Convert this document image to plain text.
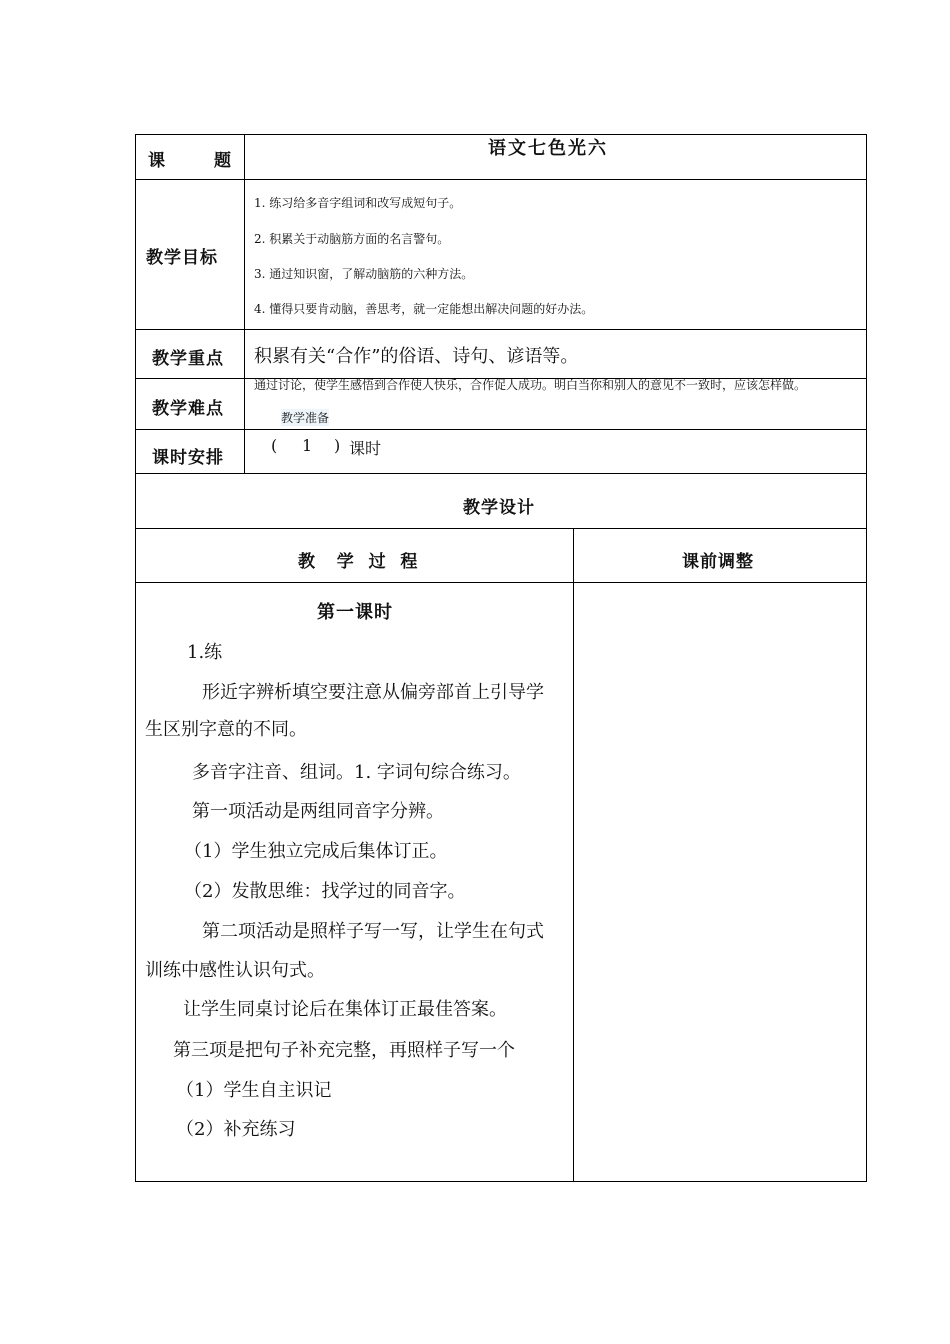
课	题
语文七色光六
教学目标
1. 练习给多音字组词和改写成短句子。
2. 积累关于动脑筋方面的名言警句。
3. 通过知识窗，了解动脑筋的六种方法。
4. 懂得只要肯动脑，善思考，就一定能想出解决问题的好办法。
教学重点 积累有关“合作”的俗语、诗句、谚语等。
教学难点
通过讨论，使学生感悟到合作使人快乐，合作促人成功。明白当你和别人的意见不一致时，应该怎样做。
教学准备
课时安排
( 1 ) 课时
教学设计
教   学  过  程	课前调整
第一课时
1.练
形近字辨析填空要注意从偏旁部首上引导学
生区别字意的不同。
多音字注音、组词。1. 字词句综合练习。
第一项活动是两组同音字分辨。
（1）学生独立完成后集体订正。
（2）发散思维：找学过的同音字。
第二项活动是照样子写一写，让学生在句式
训练中感性认识句式。
让学生同桌讨论后在集体订正最佳答案。
第三项是把句子补充完整，再照样子写一个
（1）学生自主识记
（2）补充练习
